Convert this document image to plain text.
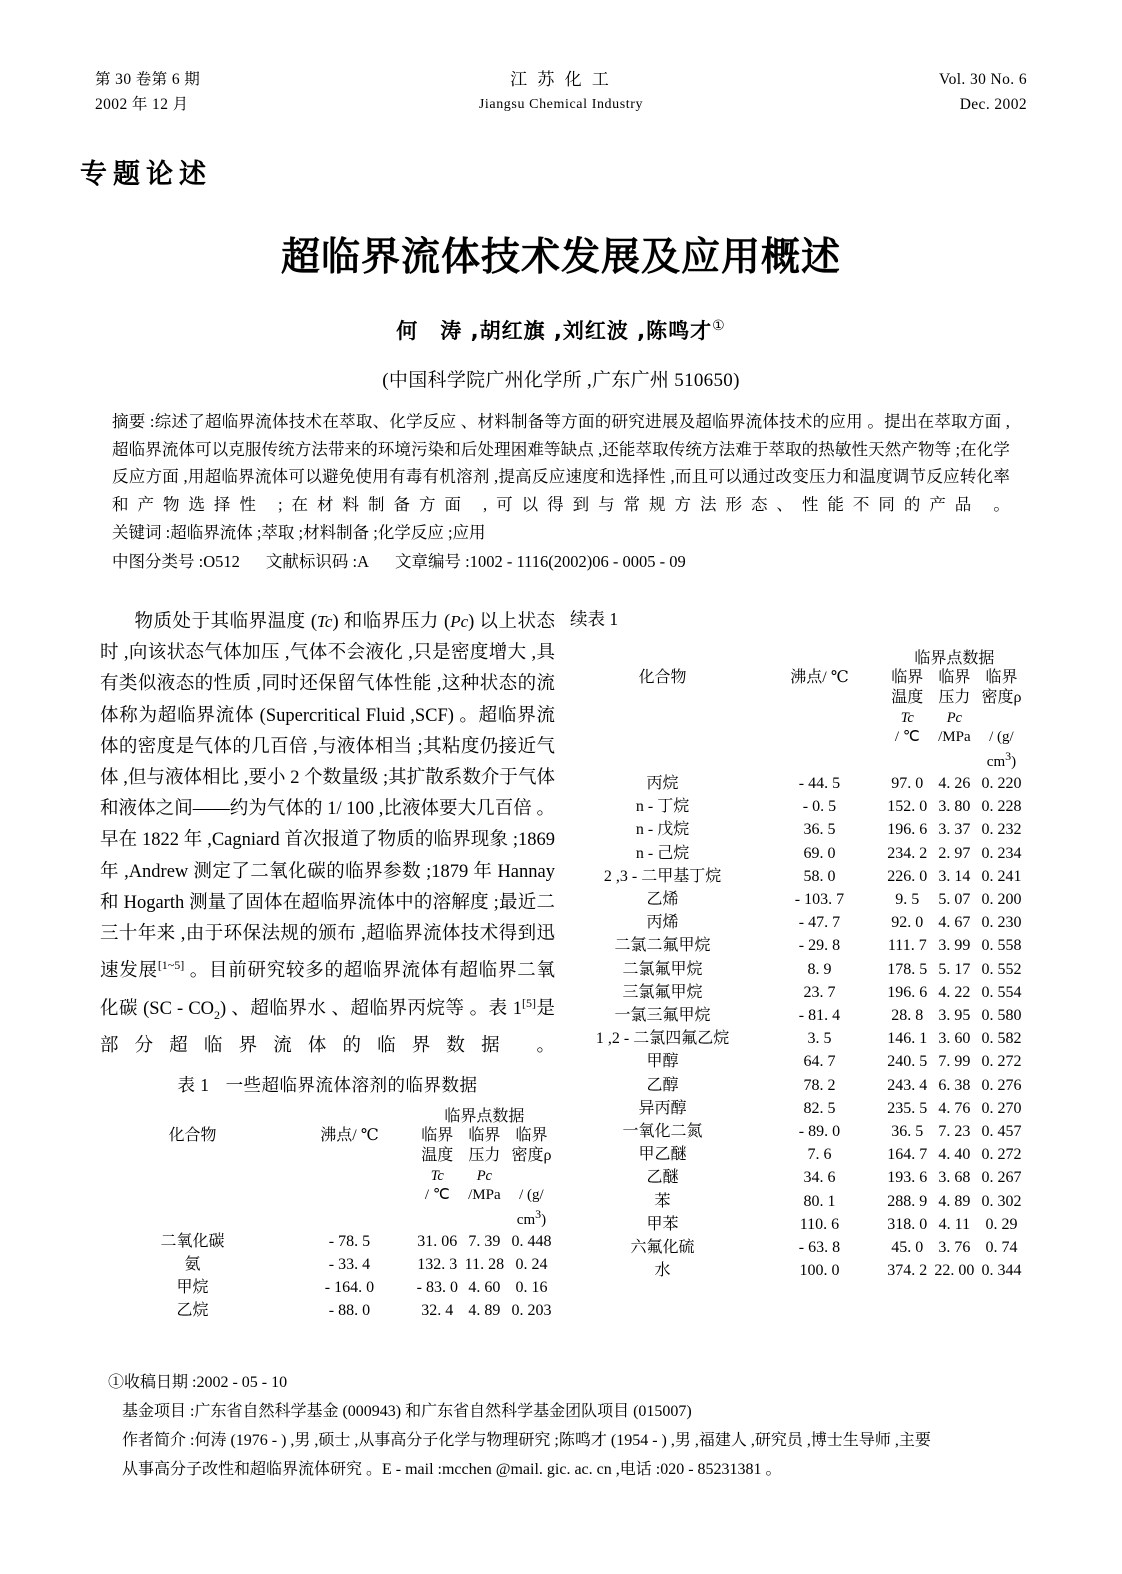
第 30 卷第 6 期
2002 年 12 月
江 苏 化 工
Jiangsu Chemical Industry
Vol. 30 No. 6
Dec. 2002
专题论述
超临界流体技术发展及应用概述
何　涛 ,胡红旗 ,刘红波 ,陈鸣才①
(中国科学院广州化学所 ,广东广州 510650)
摘要 :综述了超临界流体技术在萃取、化学反应 、材料制备等方面的研究进展及超临界流体技术的应用 。提出在萃取方面 ,超临界流体可以克服传统方法带来的环境污染和后处理困难等缺点 ,还能萃取传统方法难于萃取的热敏性天然产物等 ;在化学反应方面 ,用超临界流体可以避免使用有毒有机溶剂 ,提高反应速度和选择性 ,而且可以通过改变压力和温度调节反应转化率和产物选择性 ;在材料制备方面 ,可以得到与常规方法形态、性能不同的产品 。
关键词 :超临界流体 ;萃取 ;材料制备 ;化学反应 ;应用
中图分类号 :O512 文献标识码 :A 文章编号 :1002 - 1116(2002)06 - 0005 - 09
物质处于其临界温度 (Tc) 和临界压力 (Pc) 以上状态时 ,向该状态气体加压 ,气体不会液化 ,只是密度增大 ,具有类似液态的性质 ,同时还保留气体性能 ,这种状态的流体称为超临界流体 (Supercritical Fluid ,SCF) 。超临界流体的密度是气体的几百倍 ,与液体相当 ;其粘度仍接近气体 ,但与液体相比 ,要小 2 个数量级 ;其扩散系数介于气体和液体之间——约为气体的 1/ 100 ,比液体要大几百倍 。早在 1822 年 ,Cagniard 首次报道了物质的临界现象 ;1869 年 ,Andrew 测定了二氧化碳的临界参数 ;1879 年 Hannay 和 Hogarth 测量了固体在超临界流体中的溶解度 ;最近二三十年来 ,由于环保法规的颁布 ,超临界流体技术得到迅速发展[1~5] 。目前研究较多的超临界流体有超临界二氧化碳 $(SC - CO_2)$ 、超临界水 、超临界丙烷等 。表 1[5]是部分超临界流体的临界数据 。
表 1 一些超临界流体溶剂的临界数据
		临界点数据		
化合物	沸点/ ℃	临界温度 Tc	临界压力 Pc	临界密度ρ
		/ ℃	/MPa	/ (g/ $cm^3$)
二氧化碳	- 78. 5	31. 06	7. 39	0. 448
氨	- 33. 4	132. 3	11. 28	0. 24
甲烷	- 164. 0	- 83. 0	4. 60	0. 16
乙烷	- 88. 0	32. 4	4. 89	0. 203
续表 1
		临界点数据		
化合物	沸点/ ℃	临界温度 Tc	临界压力 Pc	临界密度ρ
		/ ℃	/MPa	/ (g/ $cm^3$)
丙烷	- 44. 5	97. 0	4. 26	0. 220
n - 丁烷	- 0. 5	152. 0	3. 80	0. 228
n - 戊烷	36. 5	196. 6	3. 37	0. 232
n - 己烷	69. 0	234. 2	2. 97	0. 234
2 ,3 - 二甲基丁烷	58. 0	226. 0	3. 14	0. 241
乙烯	- 103. 7	9. 5	5. 07	0. 200
丙烯	- 47. 7	92. 0	4. 67	0. 230
二氯二氟甲烷	- 29. 8	111. 7	3. 99	0. 558
二氯氟甲烷	8. 9	178. 5	5. 17	0. 552
三氯氟甲烷	23. 7	196. 6	4. 22	0. 554
一氯三氟甲烷	- 81. 4	28. 8	3. 95	0. 580
1 ,2 - 二氯四氟乙烷	3. 5	146. 1	3. 60	0. 582
甲醇	64. 7	240. 5	7. 99	0. 272
乙醇	78. 2	243. 4	6. 38	0. 276
异丙醇	82. 5	235. 5	4. 76	0. 270
一氧化二氮	- 89. 0	36. 5	7. 23	0. 457
甲乙醚	7. 6	164. 7	4. 40	0. 272
乙醚	34. 6	193. 6	3. 68	0. 267
苯	80. 1	288. 9	4. 89	0. 302
甲苯	110. 6	318. 0	4. 11	0. 29
六氟化硫	- 63. 8	45. 0	3. 76	0. 74
水	100. 0	374. 2	22. 00	0. 344
①收稿日期 :2002 - 05 - 10
基金项目 :广东省自然科学基金 (000943) 和广东省自然科学基金团队项目 (015007)
作者简介 :何涛 (1976 - ) ,男 ,硕士 ,从事高分子化学与物理研究 ;陈鸣才 (1954 - ) ,男 ,福建人 ,研究员 ,博士生导师 ,主要
从事高分子改性和超临界流体研究 。E - mail :mcchen @mail. gic. ac. cn ,电话 :020 - 85231381 。
